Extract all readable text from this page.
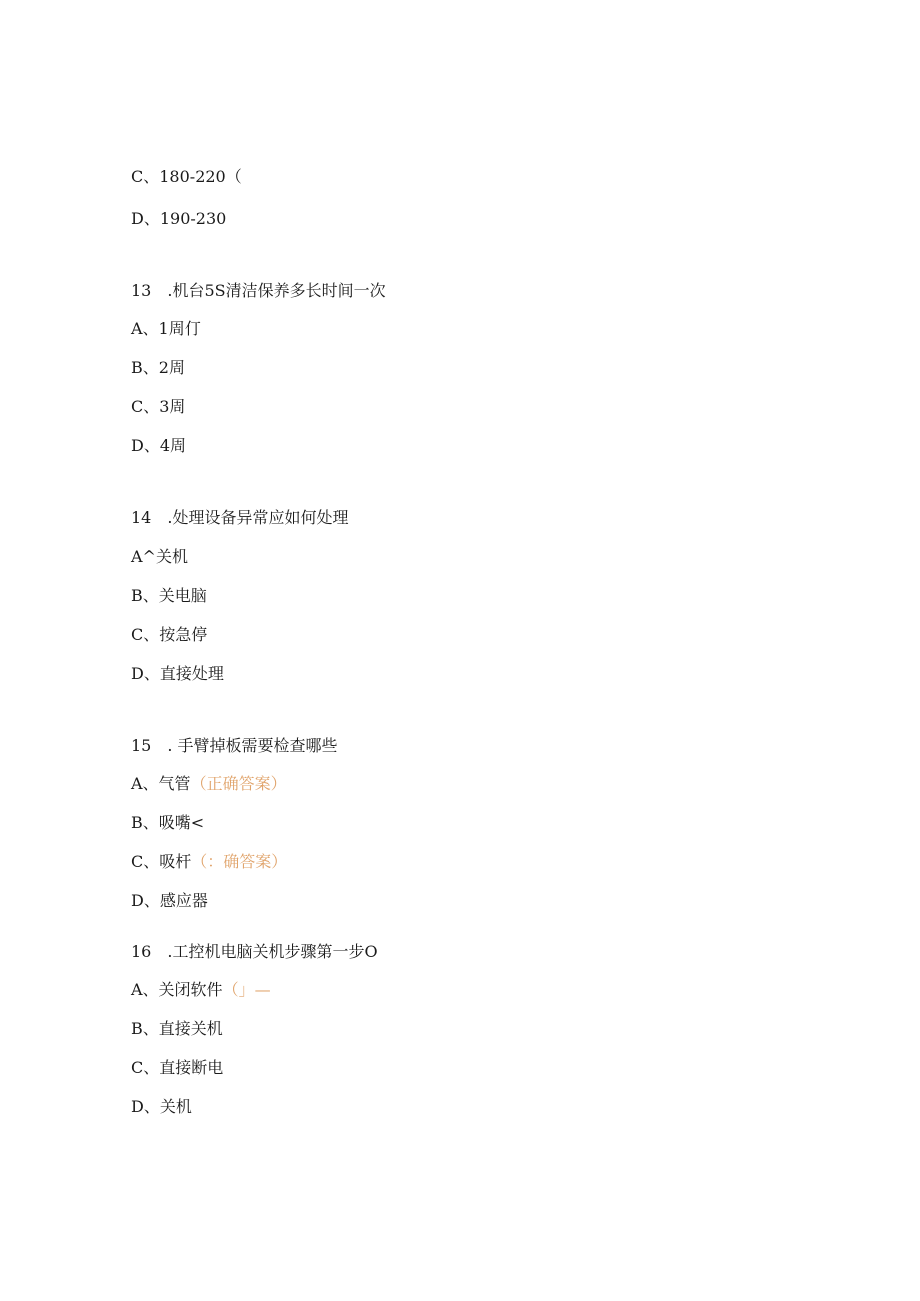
C、180-220（
D、190-230
13　.机台5S清洁保养多长时间一次
A、1周仃
B、2周
C、3周
D、4周
14　.处理设备异常应如何处理
A^关机
B、关电脑
C、按急停
D、直接处理
15　. 手臂掉板需要检查哪些
A、气管（正确答案）
B、吸嘴<
C、吸杆（：确答案）
D、感应器
16　.工控机电脑关机步骤第一步O
A、关闭软件（」—
B、直接关机
C、直接断电
D、关机
